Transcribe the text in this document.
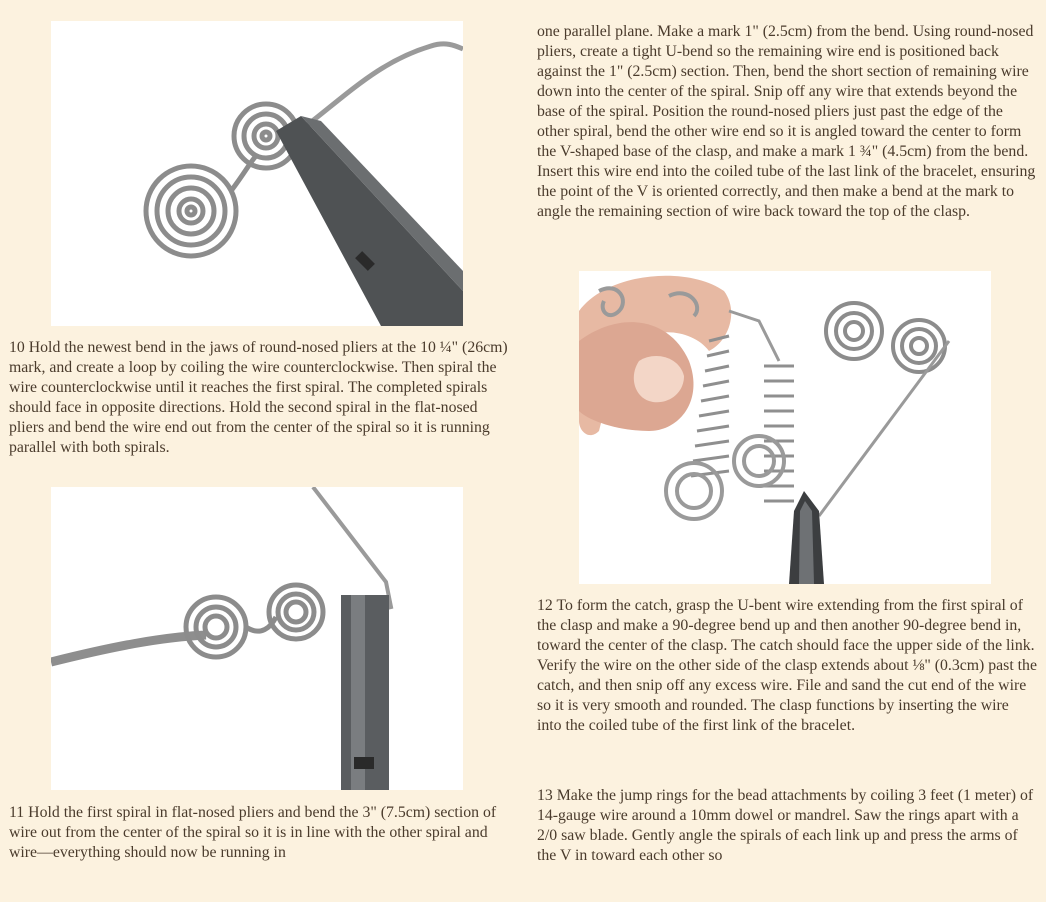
10 Hold the newest bend in the jaws of round-nosed pliers at the 10 ¼" (26cm) mark, and create a loop by coiling the wire counterclockwise. Then spiral the wire counterclockwise until it reaches the first spiral. The completed spirals should face in opposite directions. Hold the second spiral in the flat-nosed pliers and bend the wire end out from the center of the spiral so it is running parallel with both spirals.

11 Hold the first spiral in flat-nosed pliers and bend the 3" (7.5cm) section of wire out from the center of the spiral so it is in line with the other spiral and wire—everything should now be running in

one parallel plane. Make a mark 1" (2.5cm) from the bend. Using round-nosed pliers, create a tight U-bend so the remaining wire end is positioned back against the 1" (2.5cm) section. Then, bend the short section of remaining wire down into the center of the spiral. Snip off any wire that extends beyond the base of the spiral. Position the round-nosed pliers just past the edge of the other spiral, bend the other wire end so it is angled toward the center to form the V-shaped base of the clasp, and make a mark 1 ¾" (4.5cm) from the bend. Insert this wire end into the coiled tube of the last link of the bracelet, ensuring the point of the V is oriented correctly, and then make a bend at the mark to angle the remaining section of wire back toward the top of the clasp.

12 To form the catch, grasp the U-bent wire extending from the first spiral of the clasp and make a 90-degree bend up and then another 90-degree bend in, toward the center of the clasp. The catch should face the upper side of the link. Verify the wire on the other side of the clasp extends about ⅛" (0.3cm) past the catch, and then snip off any excess wire. File and sand the cut end of the wire so it is very smooth and rounded. The clasp functions by inserting the wire into the coiled tube of the first link of the bracelet.

13 Make the jump rings for the bead attachments by coiling 3 feet (1 meter) of 14-gauge wire around a 10mm dowel or mandrel. Saw the rings apart with a 2/0 saw blade. Gently angle the spirals of each link up and press the arms of the V in toward each other so
